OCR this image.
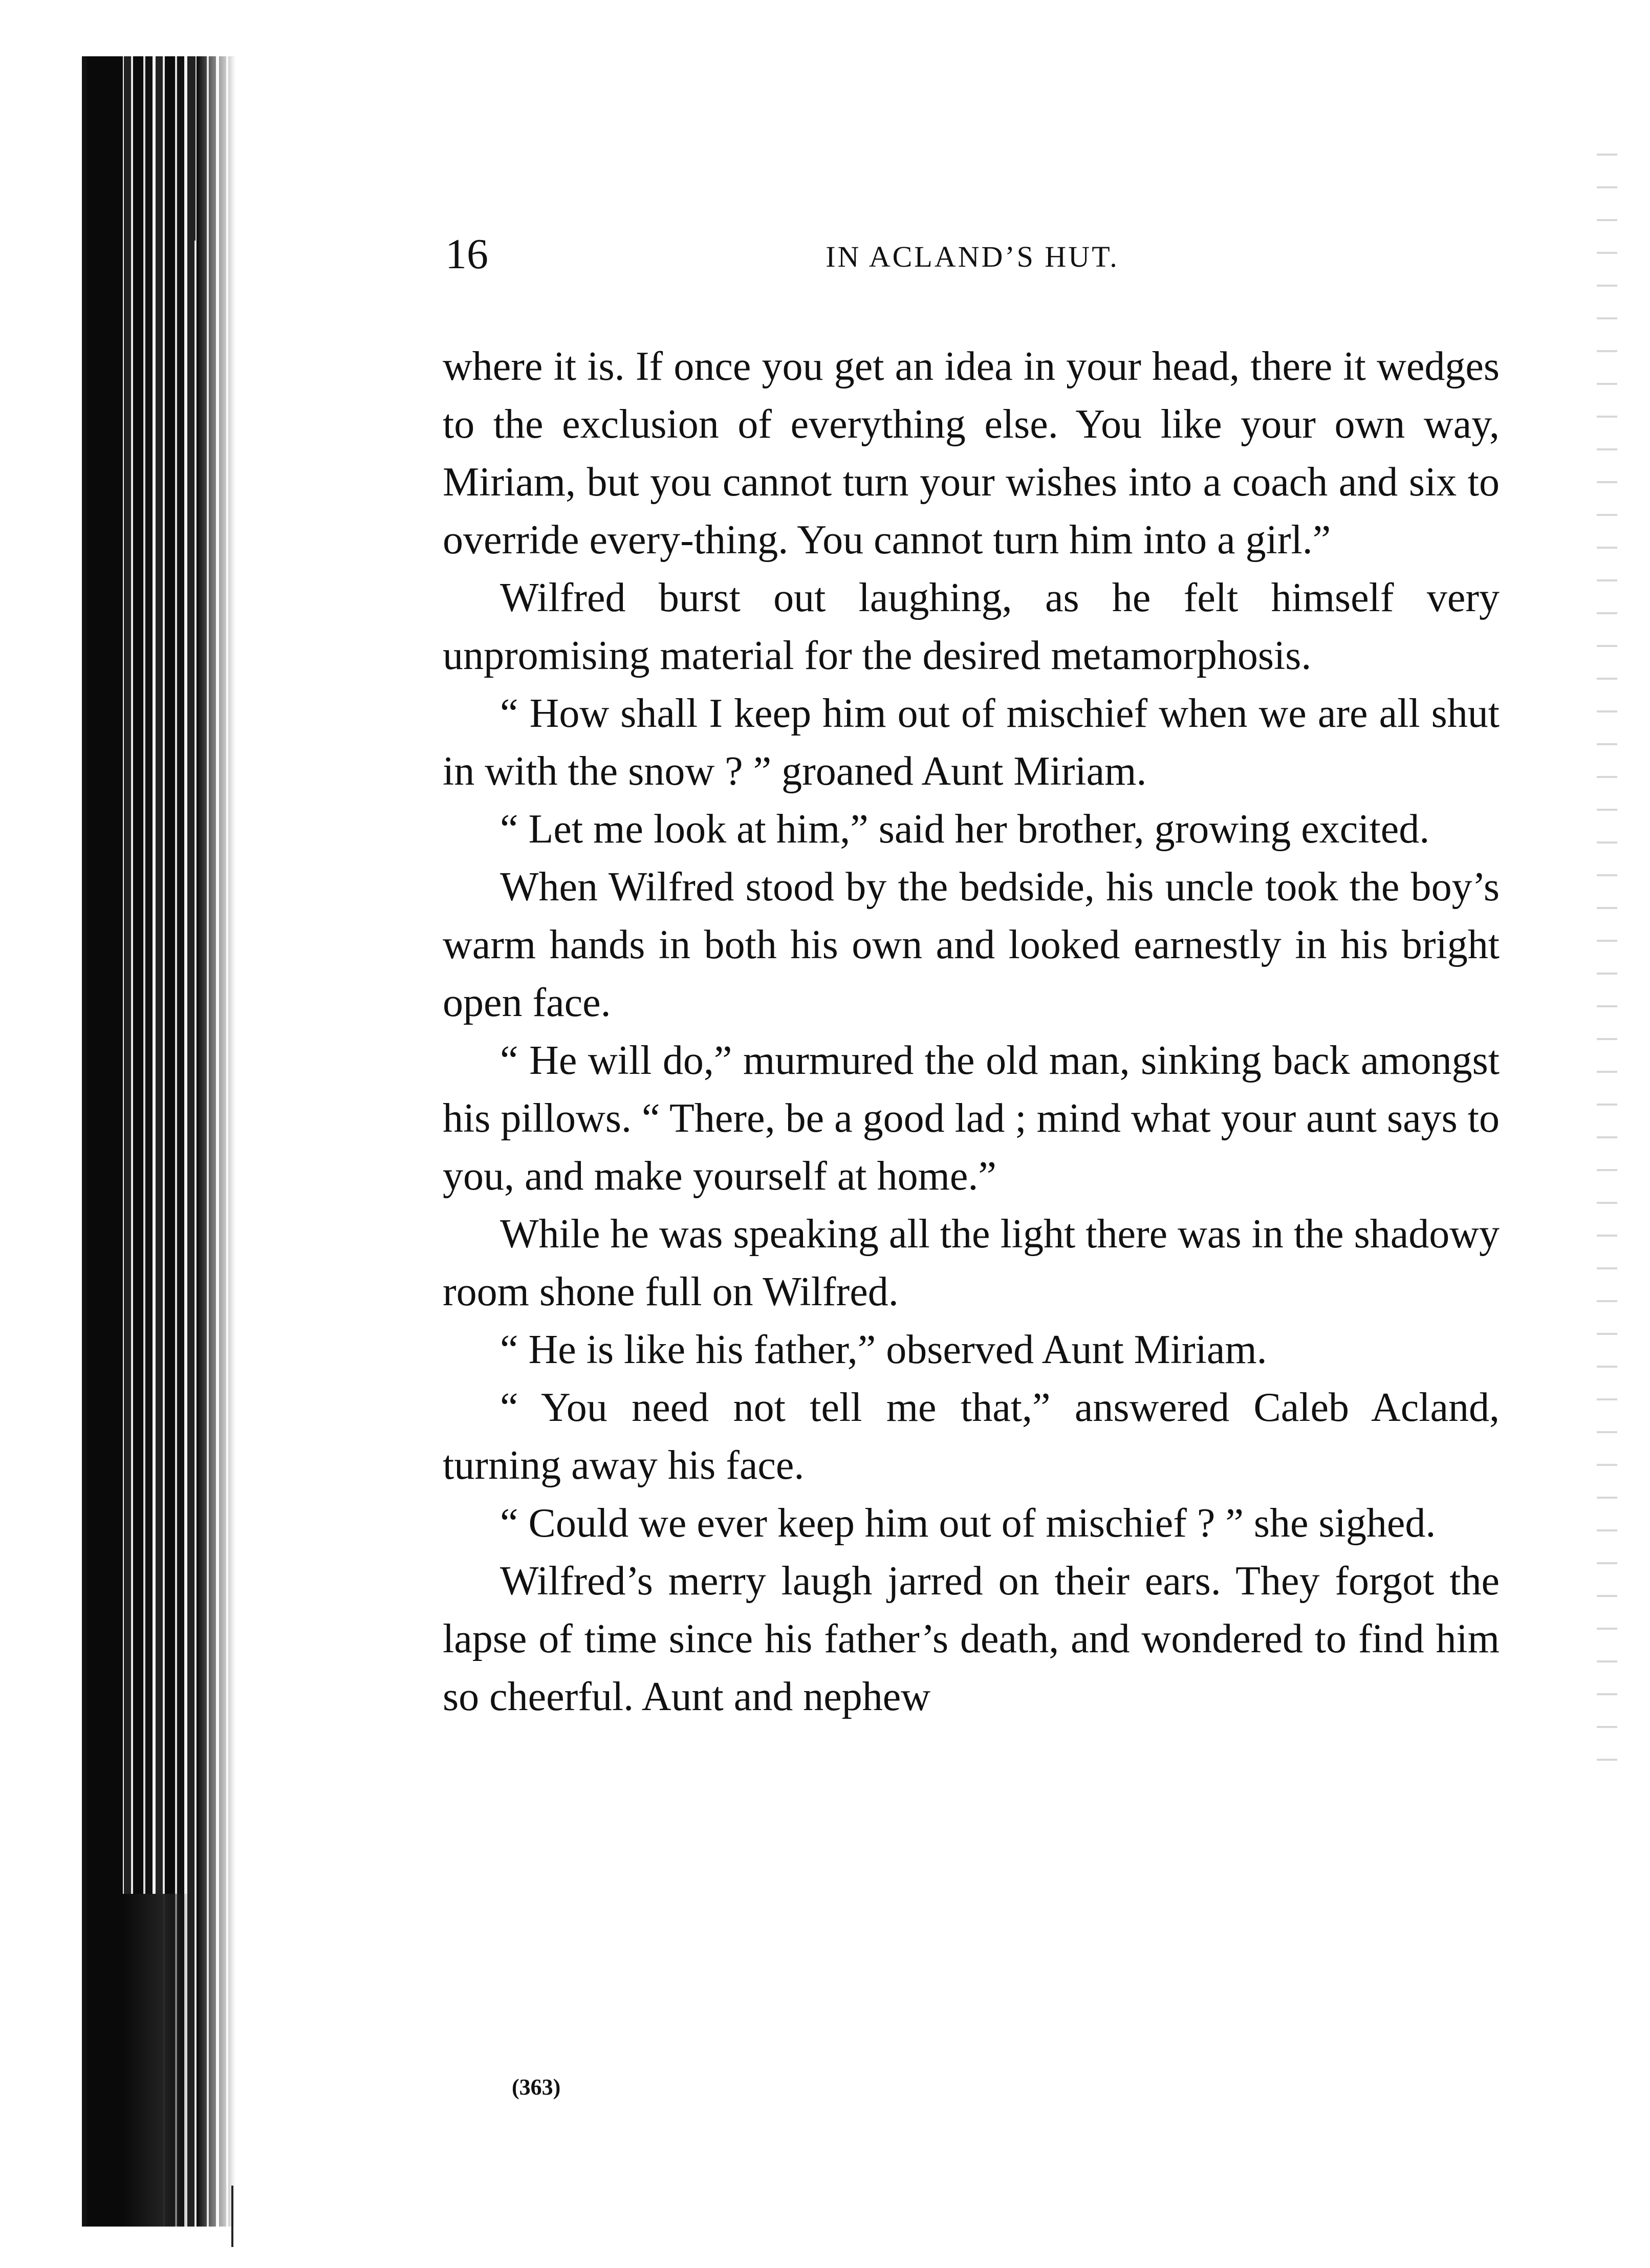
16	IN ACLAND’S HUT.

where it is. If once you get an idea in your head, there it wedges to the exclusion of everything else. You like your own way, Miriam, but you cannot turn your wishes into a coach and six to override every-thing. You cannot turn him into a girl.”

Wilfred burst out laughing, as he felt himself very unpromising material for the desired metamorphosis.

“ How shall I keep him out of mischief when we are all shut in with the snow ? ” groaned Aunt Miriam.

“ Let me look at him,” said her brother, growing excited.

When Wilfred stood by the bedside, his uncle took the boy’s warm hands in both his own and looked earnestly in his bright open face.

“ He will do,” murmured the old man, sinking back amongst his pillows. “ There, be a good lad ; mind what your aunt says to you, and make yourself at home.”

While he was speaking all the light there was in the shadowy room shone full on Wilfred.

“ He is like his father,” observed Aunt Miriam.

“ You need not tell me that,” answered Caleb Acland, turning away his face.

“ Could we ever keep him out of mischief ? ” she sighed.

Wilfred’s merry laugh jarred on their ears. They forgot the lapse of time since his father’s death, and wondered to find him so cheerful. Aunt and nephew

(363)
